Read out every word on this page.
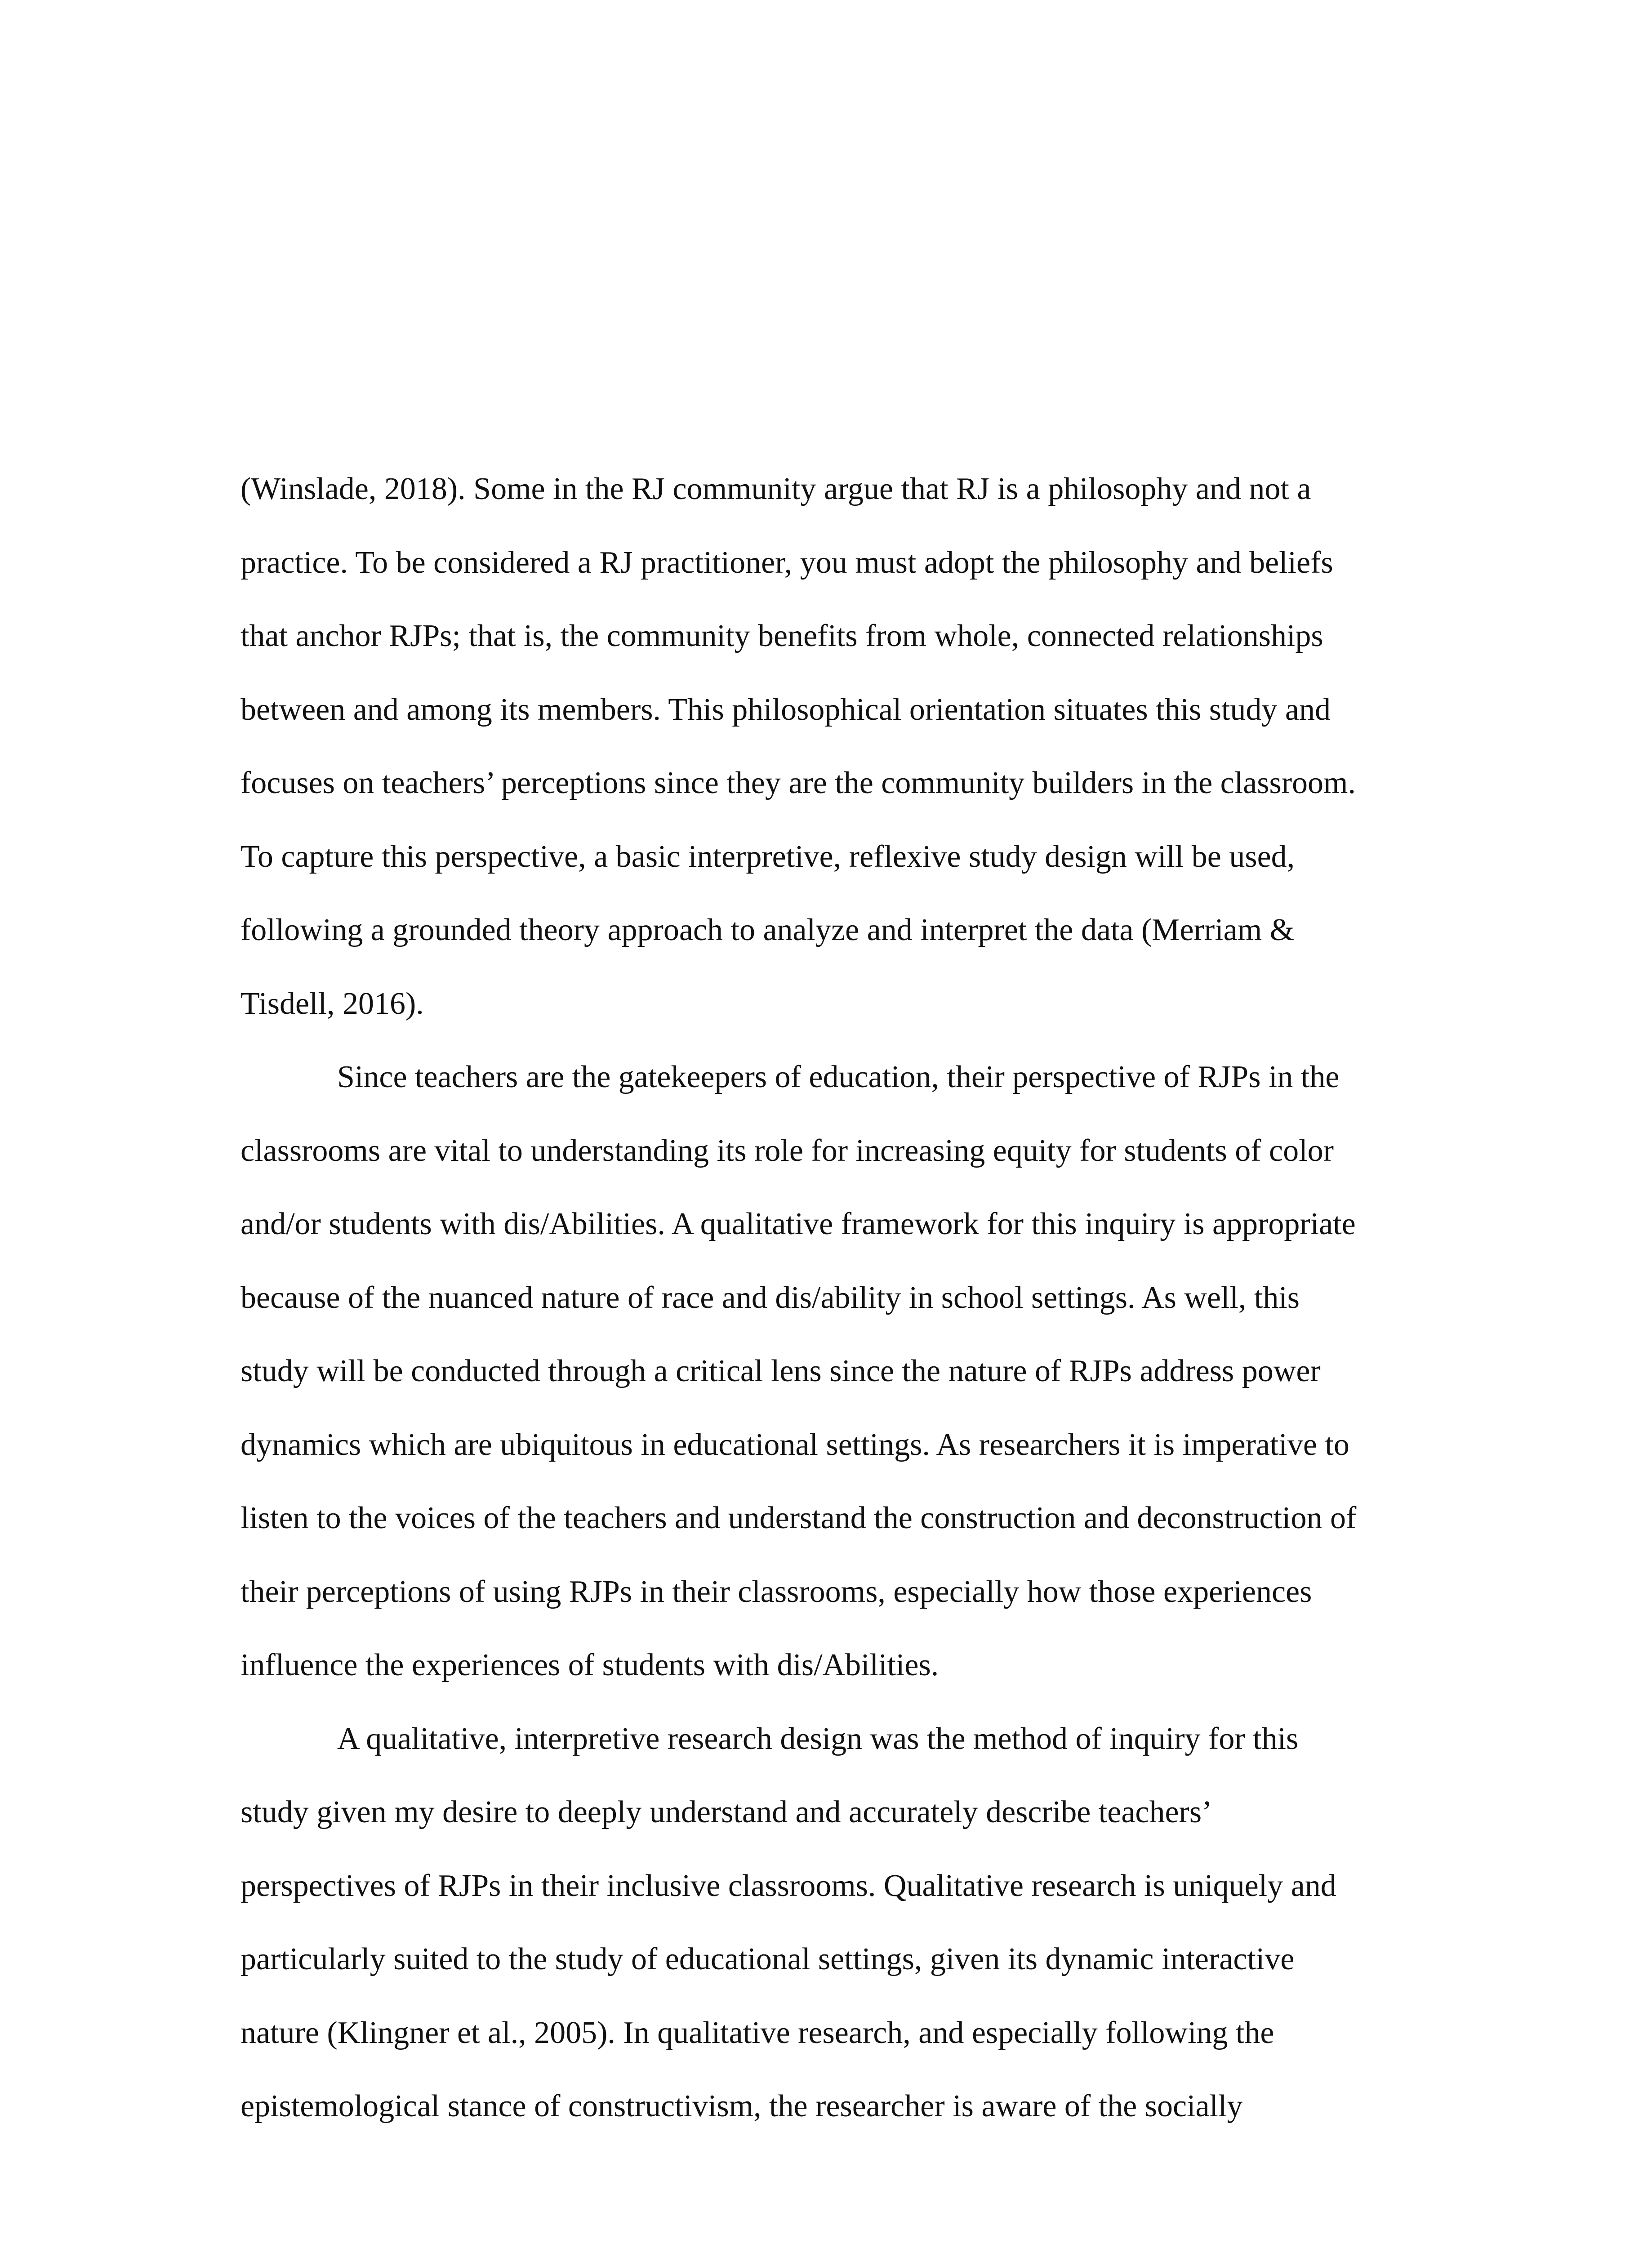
(Winslade, 2018). Some in the RJ community argue that RJ is a philosophy and not a
practice. To be considered a RJ practitioner, you must adopt the philosophy and beliefs
that anchor RJPs; that is, the community benefits from whole, connected relationships
between and among its members. This philosophical orientation situates this study and
focuses on teachers’ perceptions since they are the community builders in the classroom.
To capture this perspective, a basic interpretive, reflexive study design will be used,
following a grounded theory approach to analyze and interpret the data (Merriam &
Tisdell, 2016).
Since teachers are the gatekeepers of education, their perspective of RJPs in the
classrooms are vital to understanding its role for increasing equity for students of color
and/or students with dis/Abilities. A qualitative framework for this inquiry is appropriate
because of the nuanced nature of race and dis/ability in school settings. As well, this
study will be conducted through a critical lens since the nature of RJPs address power
dynamics which are ubiquitous in educational settings. As researchers it is imperative to
listen to the voices of the teachers and understand the construction and deconstruction of
their perceptions of using RJPs in their classrooms, especially how those experiences
influence the experiences of students with dis/Abilities.
A qualitative, interpretive research design was the method of inquiry for this
study given my desire to deeply understand and accurately describe teachers’
perspectives of RJPs in their inclusive classrooms. Qualitative research is uniquely and
particularly suited to the study of educational settings, given its dynamic interactive
nature (Klingner et al., 2005). In qualitative research, and especially following the
epistemological stance of constructivism, the researcher is aware of the socially
